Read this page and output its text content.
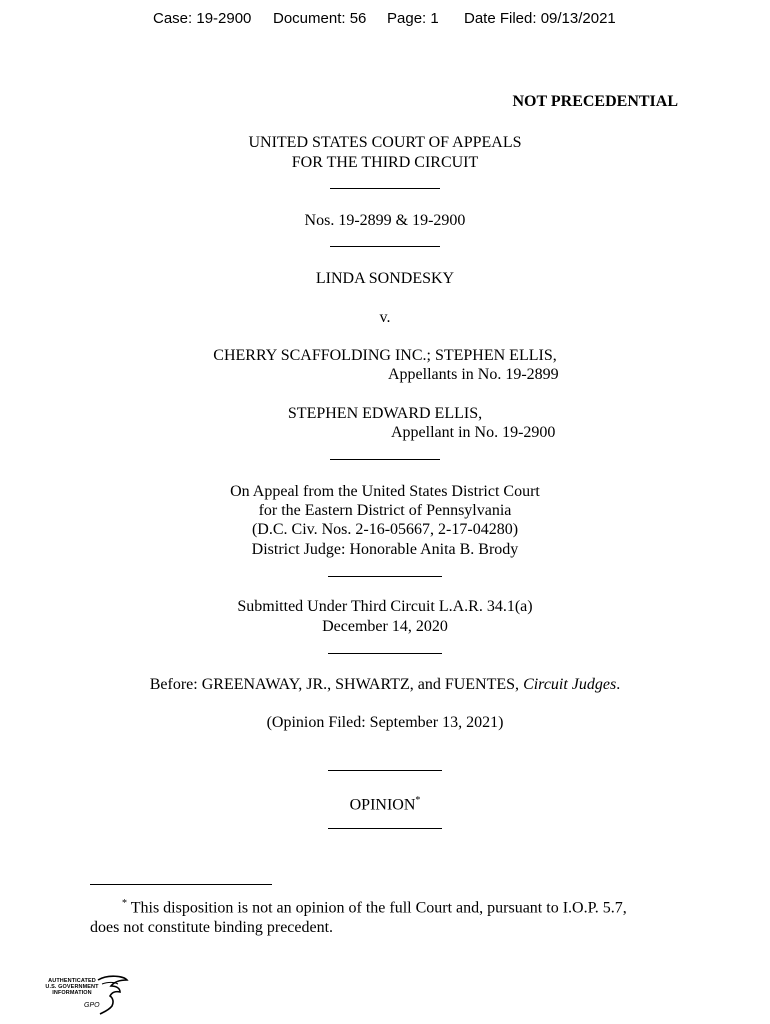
Case: 19-2900 Document: 56 Page: 1 Date Filed: 09/13/2021
NOT PRECEDENTIAL
UNITED STATES COURT OF APPEALS
FOR THE THIRD CIRCUIT
Nos. 19-2899 & 19-2900
LINDA SONDESKY
v.
CHERRY SCAFFOLDING INC.; STEPHEN ELLIS,
Appellants in No. 19-2899
STEPHEN EDWARD ELLIS,
Appellant in No. 19-2900
On Appeal from the United States District Court
for the Eastern District of Pennsylvania
(D.C. Civ. Nos. 2-16-05667, 2-17-04280)
District Judge: Honorable Anita B. Brody
Submitted Under Third Circuit L.A.R. 34.1(a)
December 14, 2020
Before: GREENAWAY, JR., SHWARTZ, and FUENTES, Circuit Judges.
(Opinion Filed: September 13, 2021)
OPINION*
* This disposition is not an opinion of the full Court and, pursuant to I.O.P. 5.7,
does not constitute binding precedent.
AUTHENTICATED
U.S. GOVERNMENT
INFORMATION
GPO
